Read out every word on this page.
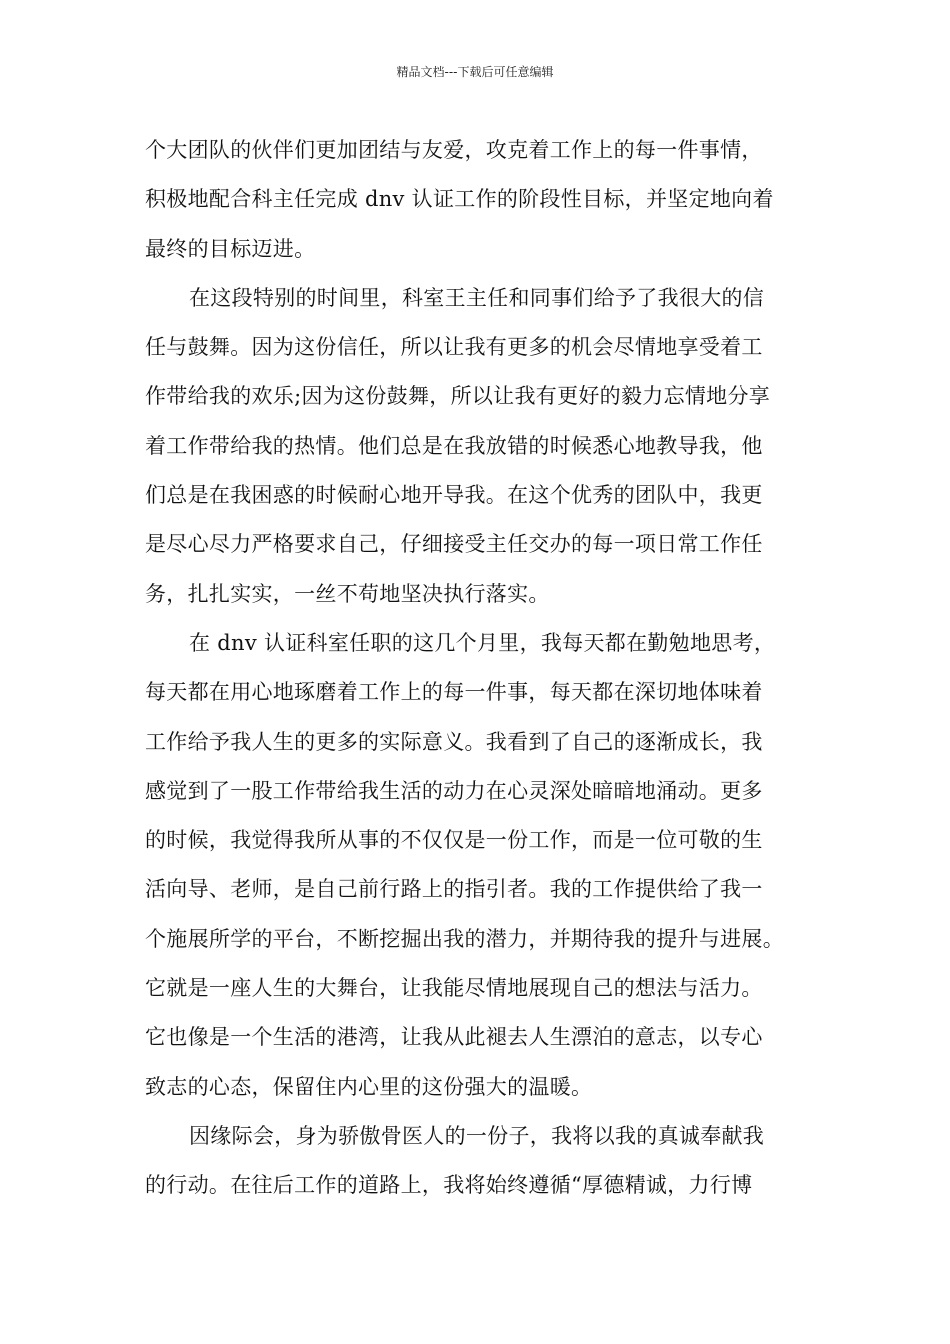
精品文档---下载后可任意编辑
个大团队的伙伴们更加团结与友爱，攻克着工作上的每一件事情，
积极地配合科主任完成 dnv 认证工作的阶段性目标，并坚定地向着
最终的目标迈进。
在这段特别的时间里，科室王主任和同事们给予了我很大的信
任与鼓舞。因为这份信任，所以让我有更多的机会尽情地享受着工
作带给我的欢乐;因为这份鼓舞，所以让我有更好的毅力忘情地分享
着工作带给我的热情。他们总是在我放错的时候悉心地教导我，他
们总是在我困惑的时候耐心地开导我。在这个优秀的团队中，我更
是尽心尽力严格要求自己，仔细接受主任交办的每一项日常工作任
务，扎扎实实，一丝不苟地坚决执行落实。
在 dnv 认证科室任职的这几个月里，我每天都在勤勉地思考，
每天都在用心地琢磨着工作上的每一件事，每天都在深切地体味着
工作给予我人生的更多的实际意义。我看到了自己的逐渐成长，我
感觉到了一股工作带给我生活的动力在心灵深处暗暗地涌动。更多
的时候，我觉得我所从事的不仅仅是一份工作，而是一位可敬的生
活向导、老师，是自己前行路上的指引者。我的工作提供给了我一
个施展所学的平台，不断挖掘出我的潜力，并期待我的提升与进展。
它就是一座人生的大舞台，让我能尽情地展现自己的想法与活力。
它也像是一个生活的港湾，让我从此褪去人生漂泊的意志，以专心
致志的心态，保留住内心里的这份强大的温暖。
因缘际会，身为骄傲骨医人的一份子，我将以我的真诚奉献我
的行动。在往后工作的道路上，我将始终遵循“厚德精诚，力行博
